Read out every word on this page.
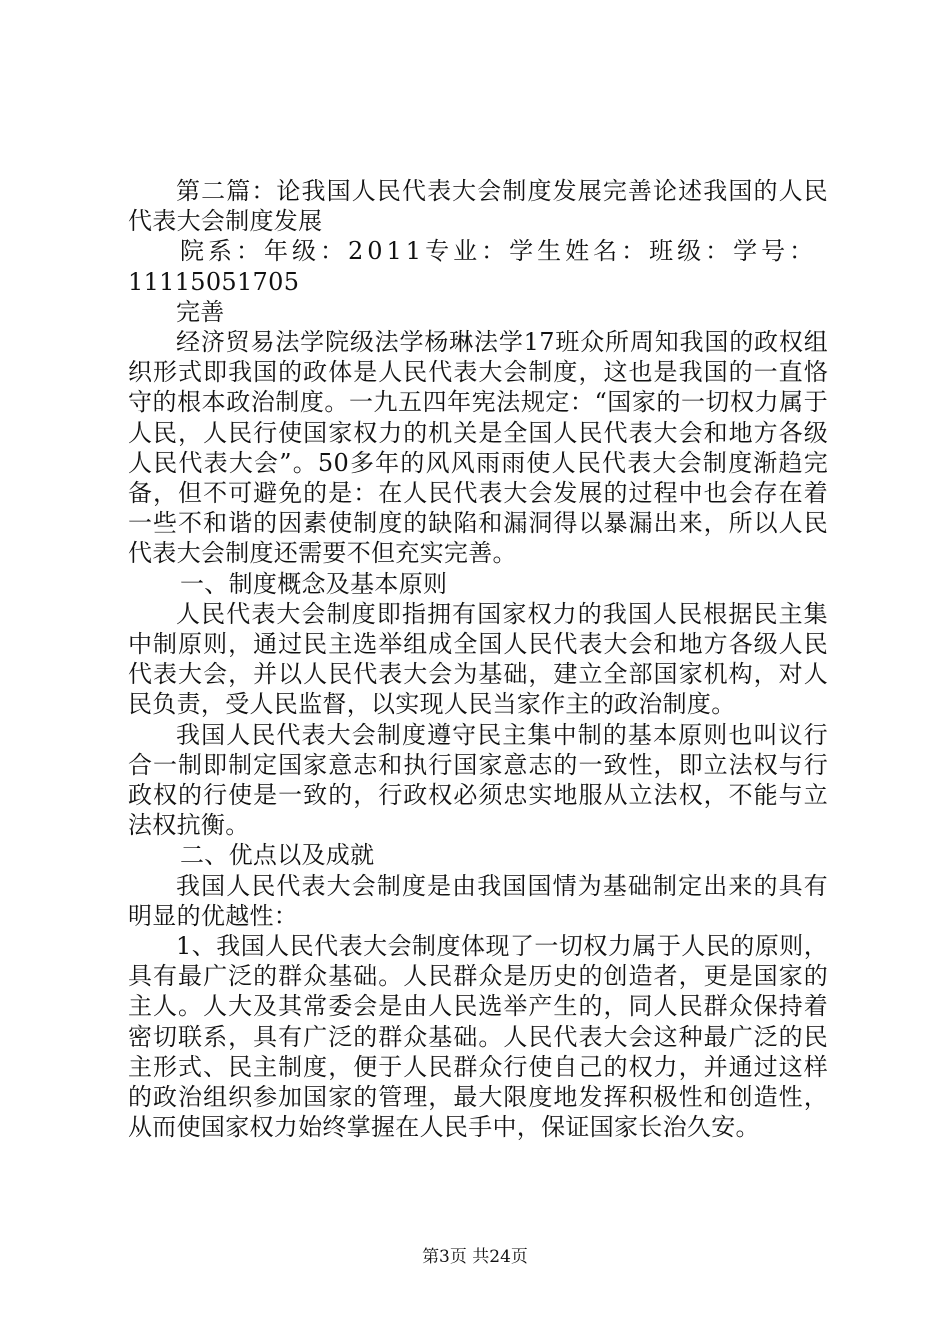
第二篇：论我国人民代表大会制度发展完善论述我国的人民代表大会制度发展

院系：年级：2011专业：学生姓名：班级：学号：

11115051705

完善

经济贸易法学院级法学杨琳法学17班众所周知我国的政权组织形式即我国的政体是人民代表大会制度，这也是我国的一直恪守的根本政治制度。一九五四年宪法规定：“国家的一切权力属于人民，人民行使国家权力的机关是全国人民代表大会和地方各级人民代表大会”。50多年的风风雨雨使人民代表大会制度渐趋完备，但不可避免的是：在人民代表大会发展的过程中也会存在着一些不和谐的因素使制度的缺陷和漏洞得以暴漏出来，所以人民代表大会制度还需要不但充实完善。

一、制度概念及基本原则

人民代表大会制度即指拥有国家权力的我国人民根据民主集中制原则，通过民主选举组成全国人民代表大会和地方各级人民代表大会，并以人民代表大会为基础，建立全部国家机构，对人民负责，受人民监督，以实现人民当家作主的政治制度。

我国人民代表大会制度遵守民主集中制的基本原则也叫议行合一制即制定国家意志和执行国家意志的一致性，即立法权与行政权的行使是一致的，行政权必须忠实地服从立法权，不能与立法权抗衡。

二、优点以及成就

我国人民代表大会制度是由我国国情为基础制定出来的具有明显的优越性：

1、我国人民代表大会制度体现了一切权力属于人民的原则，具有最广泛的群众基础。人民群众是历史的创造者，更是国家的主人。人大及其常委会是由人民选举产生的，同人民群众保持着密切联系，具有广泛的群众基础。人民代表大会这种最广泛的民主形式、民主制度，便于人民群众行使自己的权力，并通过这样的政治组织参加国家的管理，最大限度地发挥积极性和创造性，从而使国家权力始终掌握在人民手中，保证国家长治久安。

第3页 共24页
